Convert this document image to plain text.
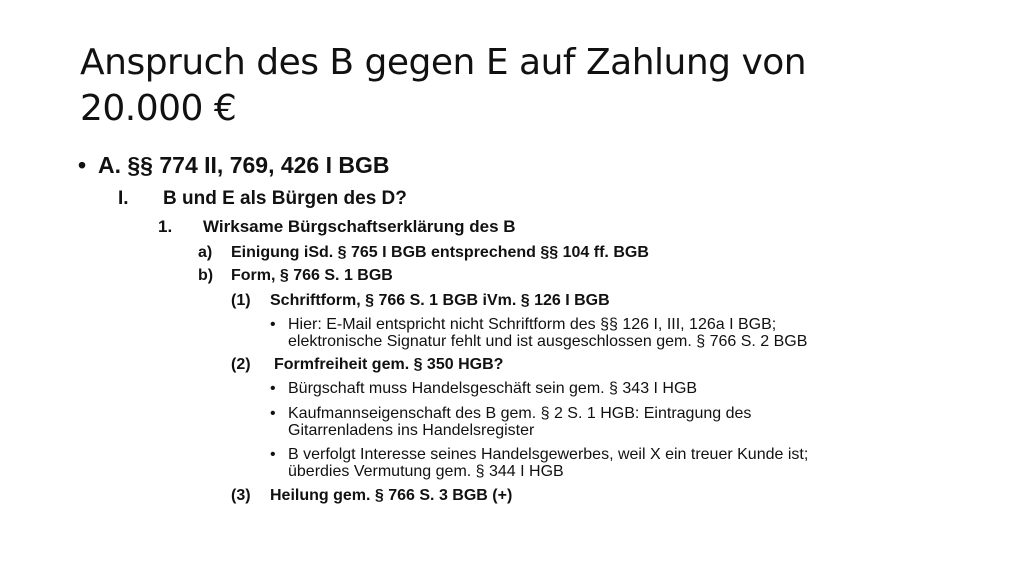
Anspruch des B gegen E auf Zahlung von
20.000 €
• A. §§ 774 II, 769, 426 I BGB
I. B und E als Bürgen des D?
1. Wirksame Bürgschaftserklärung des B
a) Einigung iSd. § 765 I BGB entsprechend §§ 104 ff. BGB
b) Form, § 766 S. 1 BGB
(1) Schriftform, § 766 S. 1 BGB iVm. § 126 I BGB
• Hier: E-Mail entspricht nicht Schriftform des §§ 126 I, III, 126a I BGB;
elektronische Signatur fehlt und ist ausgeschlossen gem. § 766 S. 2 BGB
(2) Formfreiheit gem. § 350 HGB?
• Bürgschaft muss Handelsgeschäft sein gem. § 343 I HGB
• Kaufmannseigenschaft des B gem. § 2 S. 1 HGB: Eintragung des
Gitarrenladens ins Handelsregister
• B verfolgt Interesse seines Handelsgewerbes, weil X ein treuer Kunde ist;
überdies Vermutung gem. § 344 I HGB
(3) Heilung gem. § 766 S. 3 BGB (+)
